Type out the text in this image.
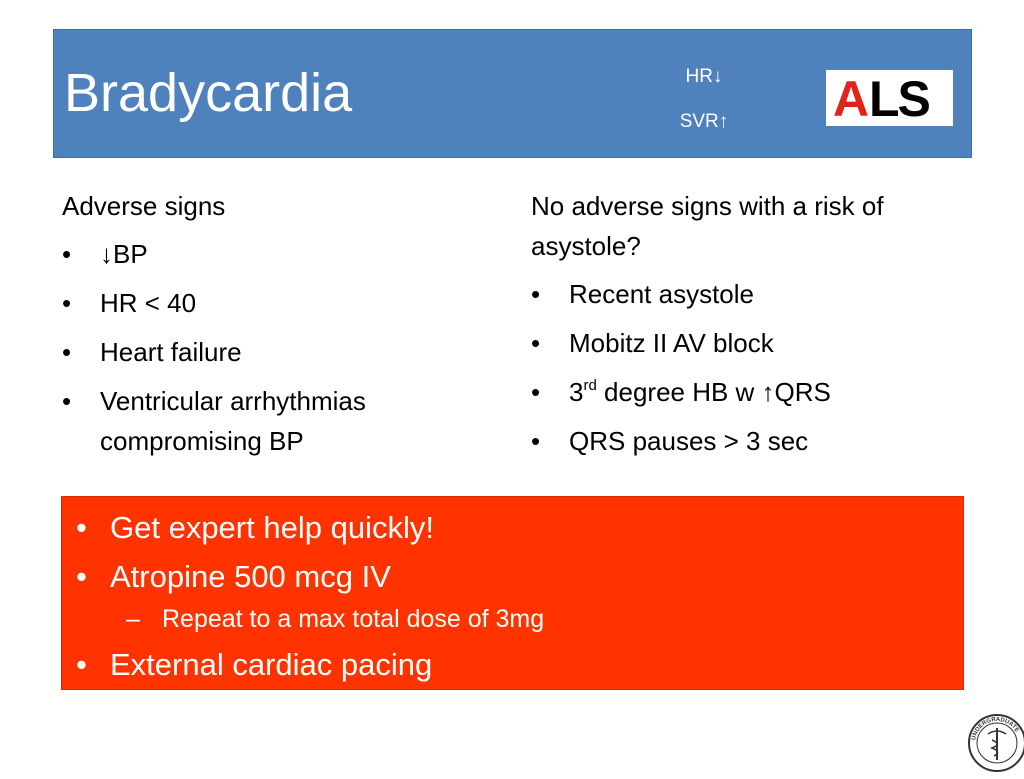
Bradycardia	HR↓
SVR↑	A LS

Adverse signs

• ↓BP
• HR < 40
• Heart failure
• Ventricular arrhythmias compromising BP

No adverse signs with a risk of asystole?

• Recent asystole
• Mobitz II AV block
• 3rd degree HB w ↑QRS
• QRS pauses > 3 sec
• Get expert help quickly!
• Atropine 500 mcg IV
– Repeat to a max total dose of 3mg
• External cardiac pacing
UNDERGRADUATE
